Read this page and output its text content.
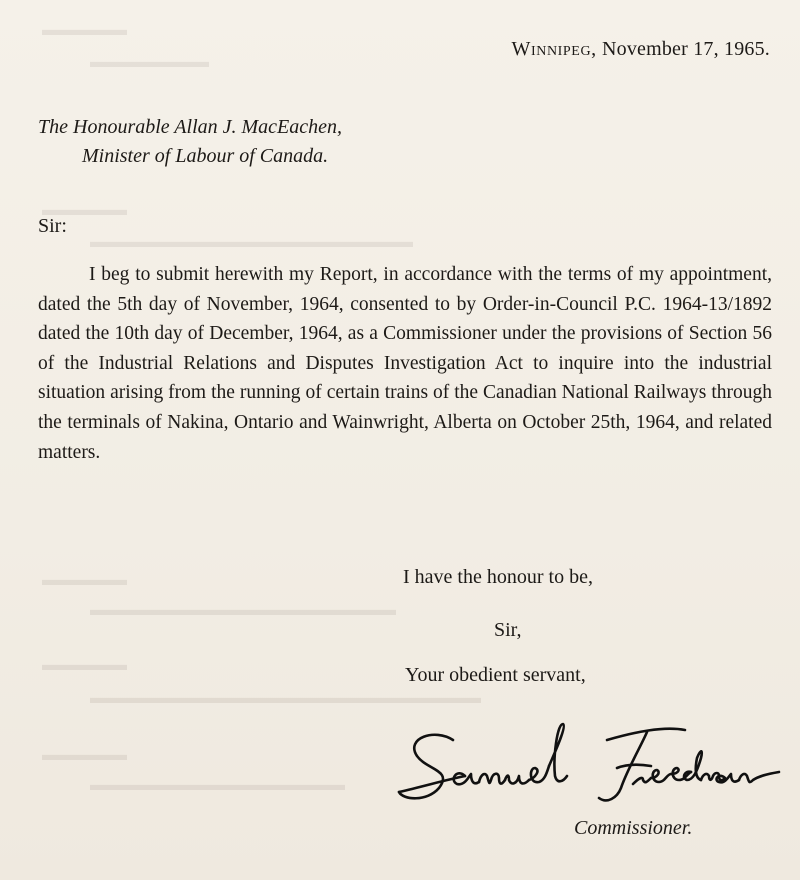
▬▬▬▬▬
▬▬▬▬▬▬▬
▬▬▬▬▬
▬▬▬▬▬▬▬▬▬▬▬▬▬▬▬▬▬▬▬
▬▬▬▬▬
▬▬▬▬▬▬▬▬▬▬▬▬▬▬▬▬▬▬
▬▬▬▬▬
▬▬▬▬▬▬▬▬▬▬▬▬▬▬▬▬▬▬▬▬▬▬▬
▬▬▬▬▬
▬▬▬▬▬▬▬▬▬▬▬▬▬▬▬
Winnipeg, November 17, 1965.
The Honourable Allan J. MacEachen,
Minister of Labour of Canada.
Sir:

I beg to submit herewith my Report, in accordance with the terms of my appointment, dated the 5th day of November, 1964, consented to by Order-in-Council P.C. 1964-13/1892 dated the 10th day of December, 1964, as a Commissioner under the provisions of Section 56 of the Industrial Relations and Disputes Investigation Act to inquire into the industrial situation arising from the running of certain trains of the Canadian National Railways through the terminals of Nakina, Ontario and Wainwright, Alberta on October 25th, 1964, and related matters.

I have the honour to be,
Sir,
Your obedient servant,
Commissioner.
